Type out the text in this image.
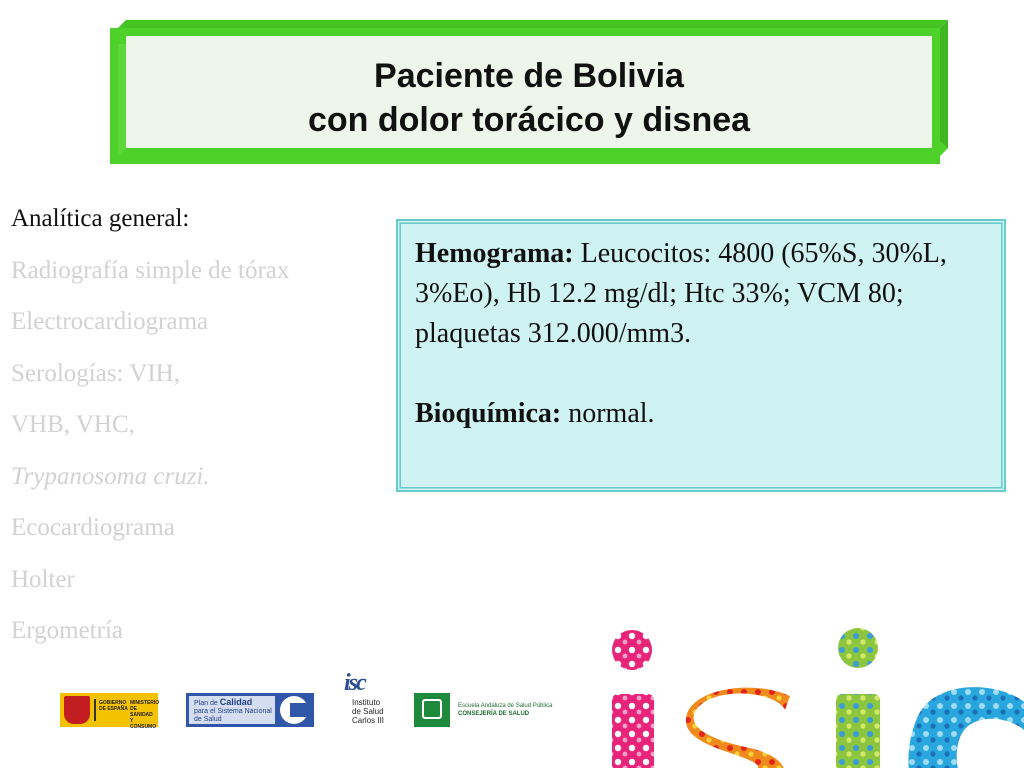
Paciente de Bolivia
con dolor torácico y disnea
Analítica general:
Radiografía simple de tórax
Electrocardiograma
Serologías: VIH,
VHB, VHC,
Trypanosoma cruzi.
Ecocardiograma
Holter
Ergometría

Hemograma: Leucocitos: 4800 (65%S, 30%L, 3%Eo), Hb 12.2 mg/dl; Htc 33%; VCM 80; plaquetas 312.000/mm3.

Bioquímica: normal.

GOBIERNO DE ESPAÑA
MINISTERIO DE SANIDAD Y CONSUMO
Plan de Calidad
para el Sistema Nacional
de Salud
isc
Instituto
de Salud
Carlos III
Escuela Andaluza de Salud Pública
CONSEJERÍA DE SALUD
